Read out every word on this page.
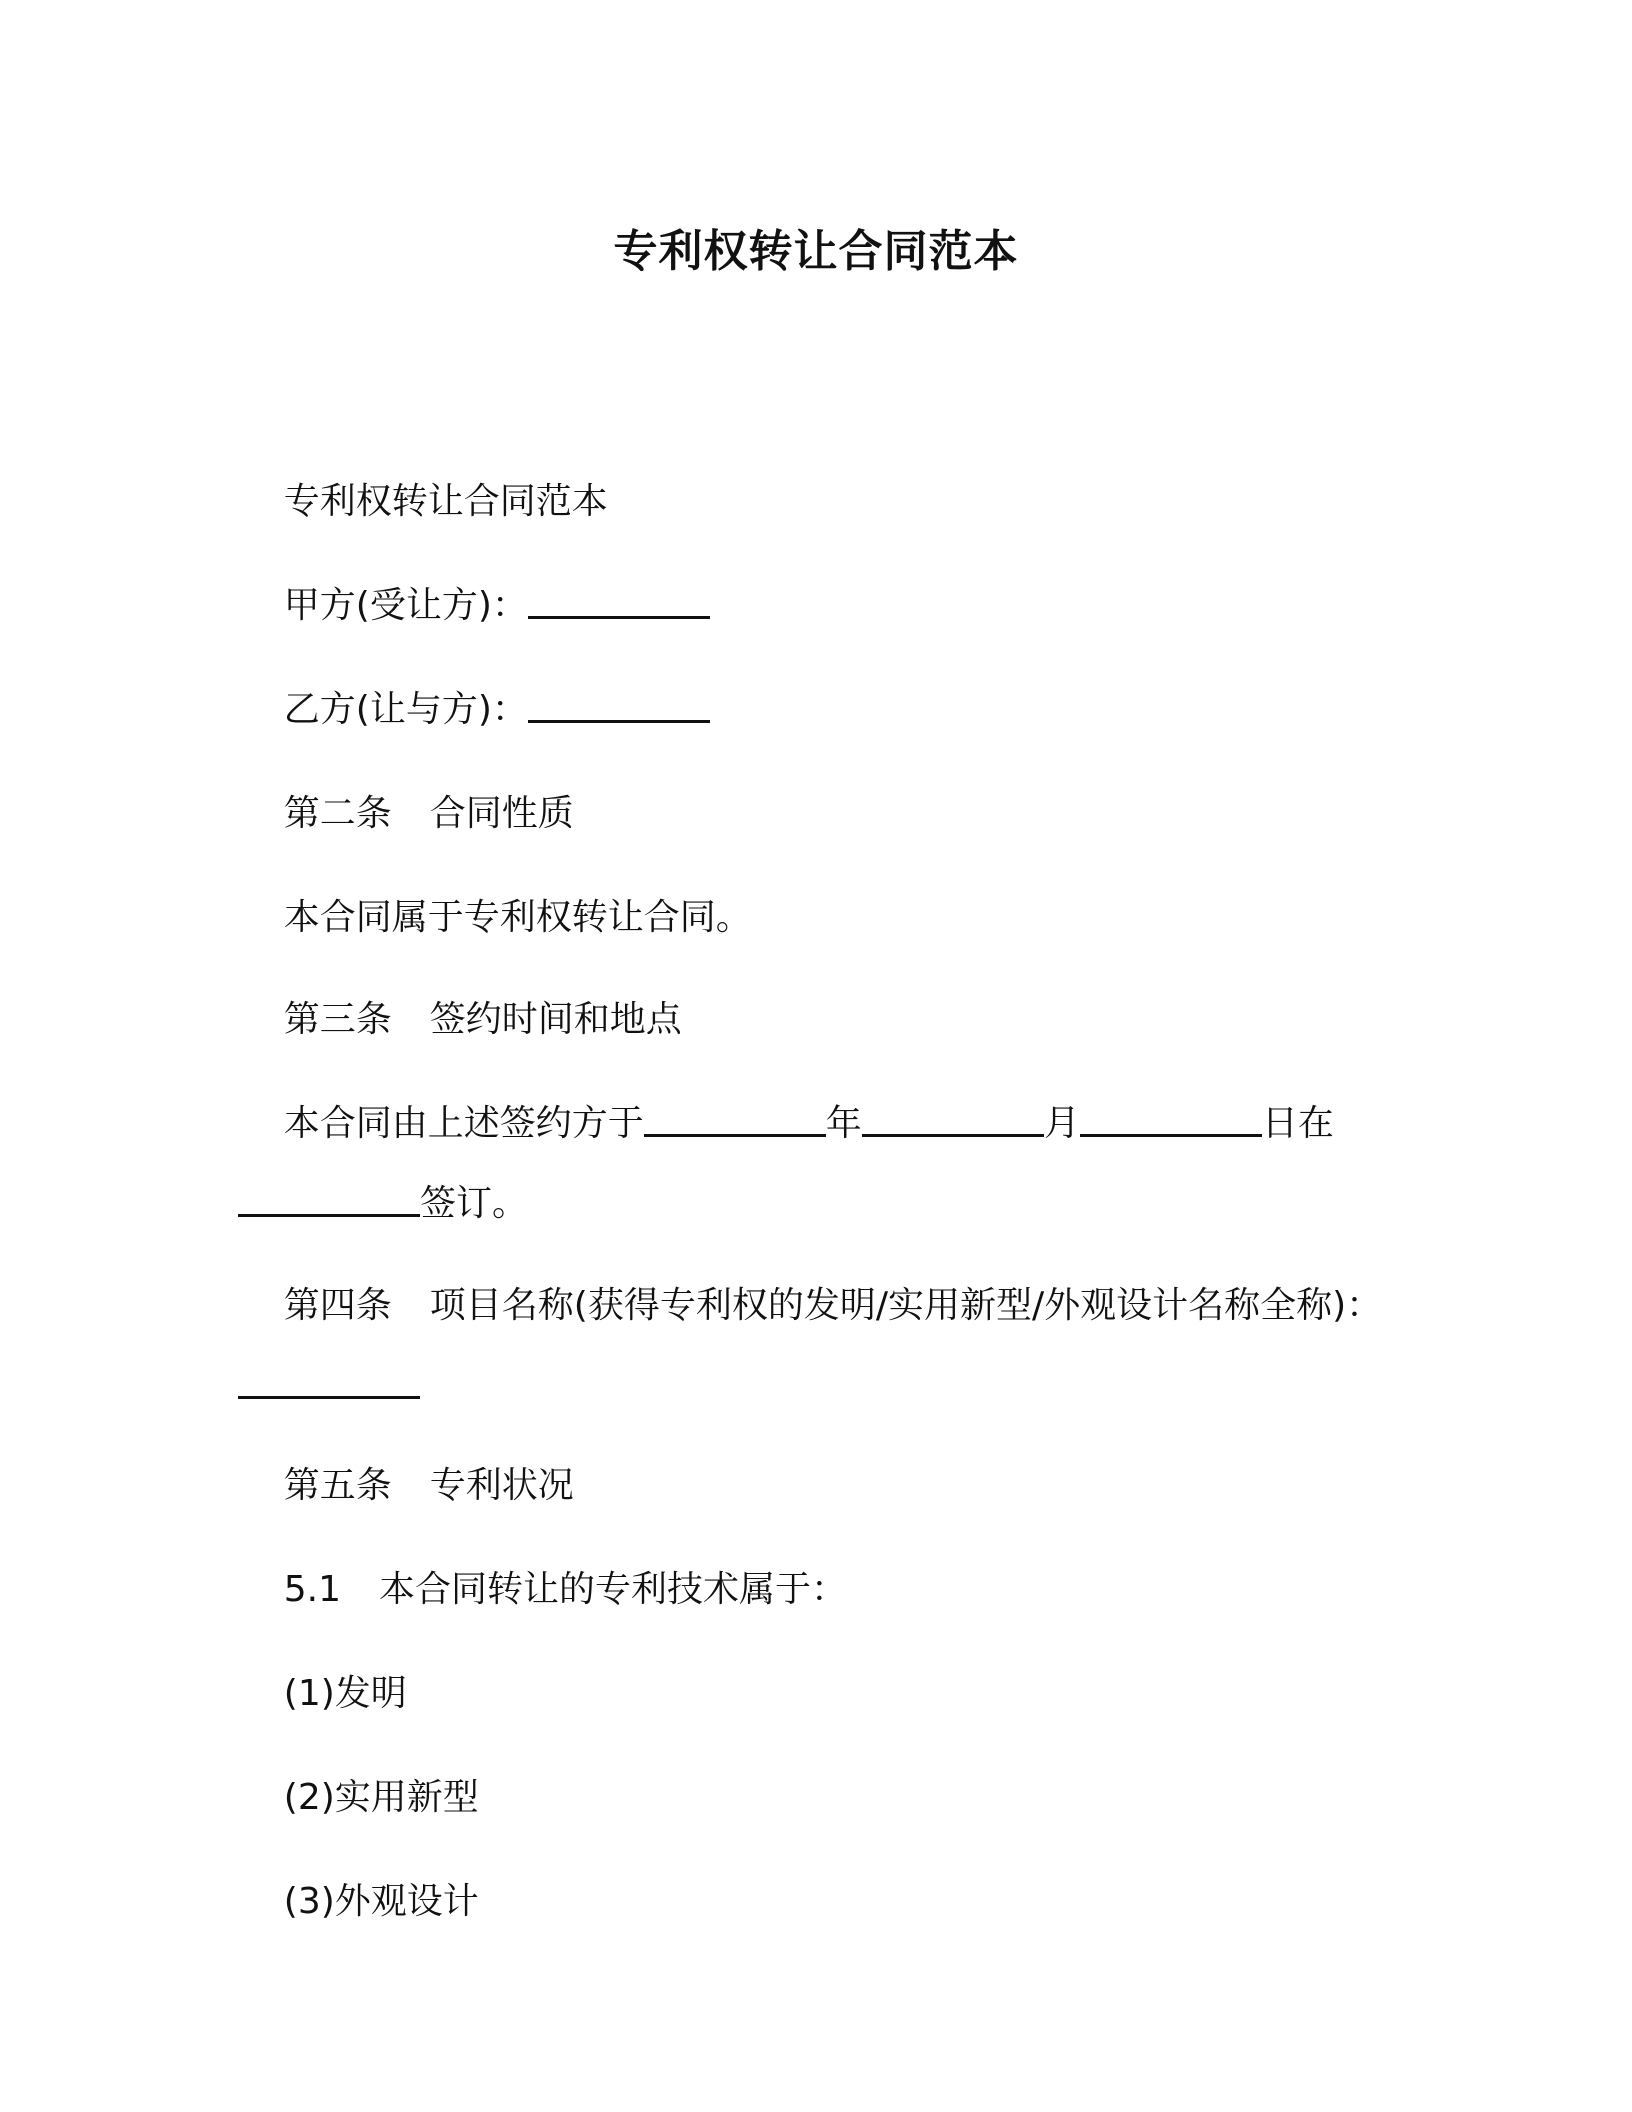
专利权转让合同范本

专利权转让合同范本

甲方(受让方)：

乙方(让与方)：

第二条 合同性质

本合同属于专利权转让合同。

第三条 签约时间和地点

本合同由上述签约方于	年	月	日在签订。

第四条 项目名称(获得专利权的发明/实用新型/外观设计名称全称)：

第五条 专利状况

5.1 本合同转让的专利技术属于：

(1)发明

(2)实用新型

(3)外观设计
